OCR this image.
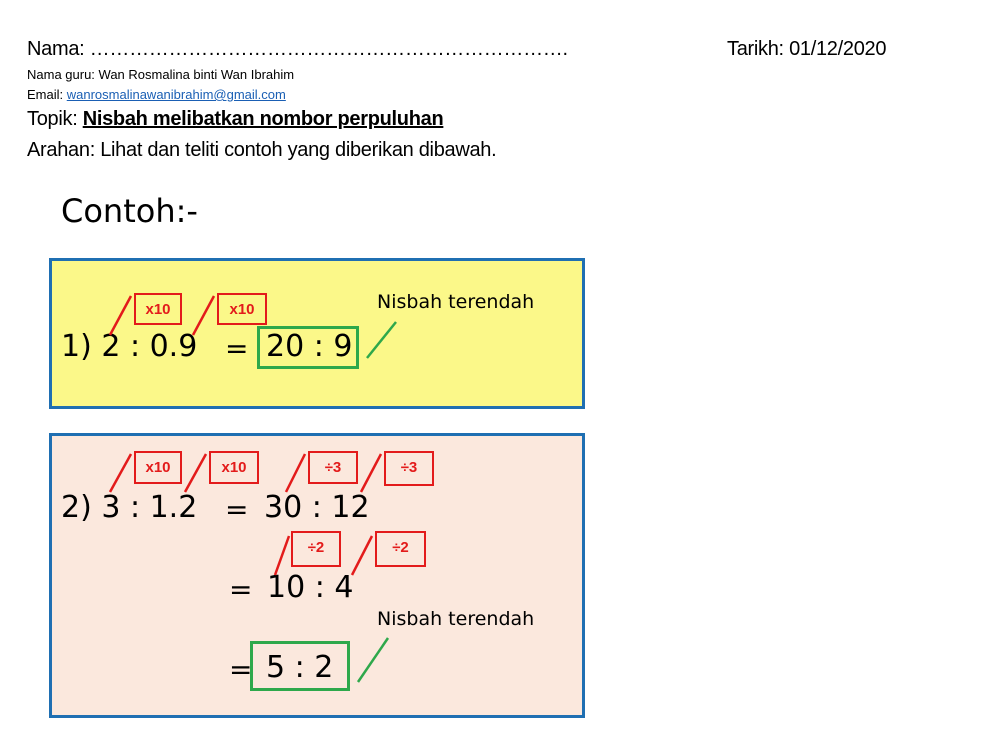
Nama: ……………………………………………………………….	Tarikh: 01/12/2020
Nama guru: Wan Rosmalina binti Wan Ibrahim
Email: wanrosmalinawanibrahim@gmail.com
Topik: Nisbah melibatkan nombor perpuluhan
Arahan: Lihat dan teliti contoh yang diberikan dibawah.
Contoh:-
x10	x10	Nisbah terendah
1) 2 : 0.9 = 20 : 9
x10	x10	÷3	÷3
2) 3 : 1.2 = 30 : 12
÷2	÷2
= 10 : 4
Nisbah terendah
= 5 : 2
